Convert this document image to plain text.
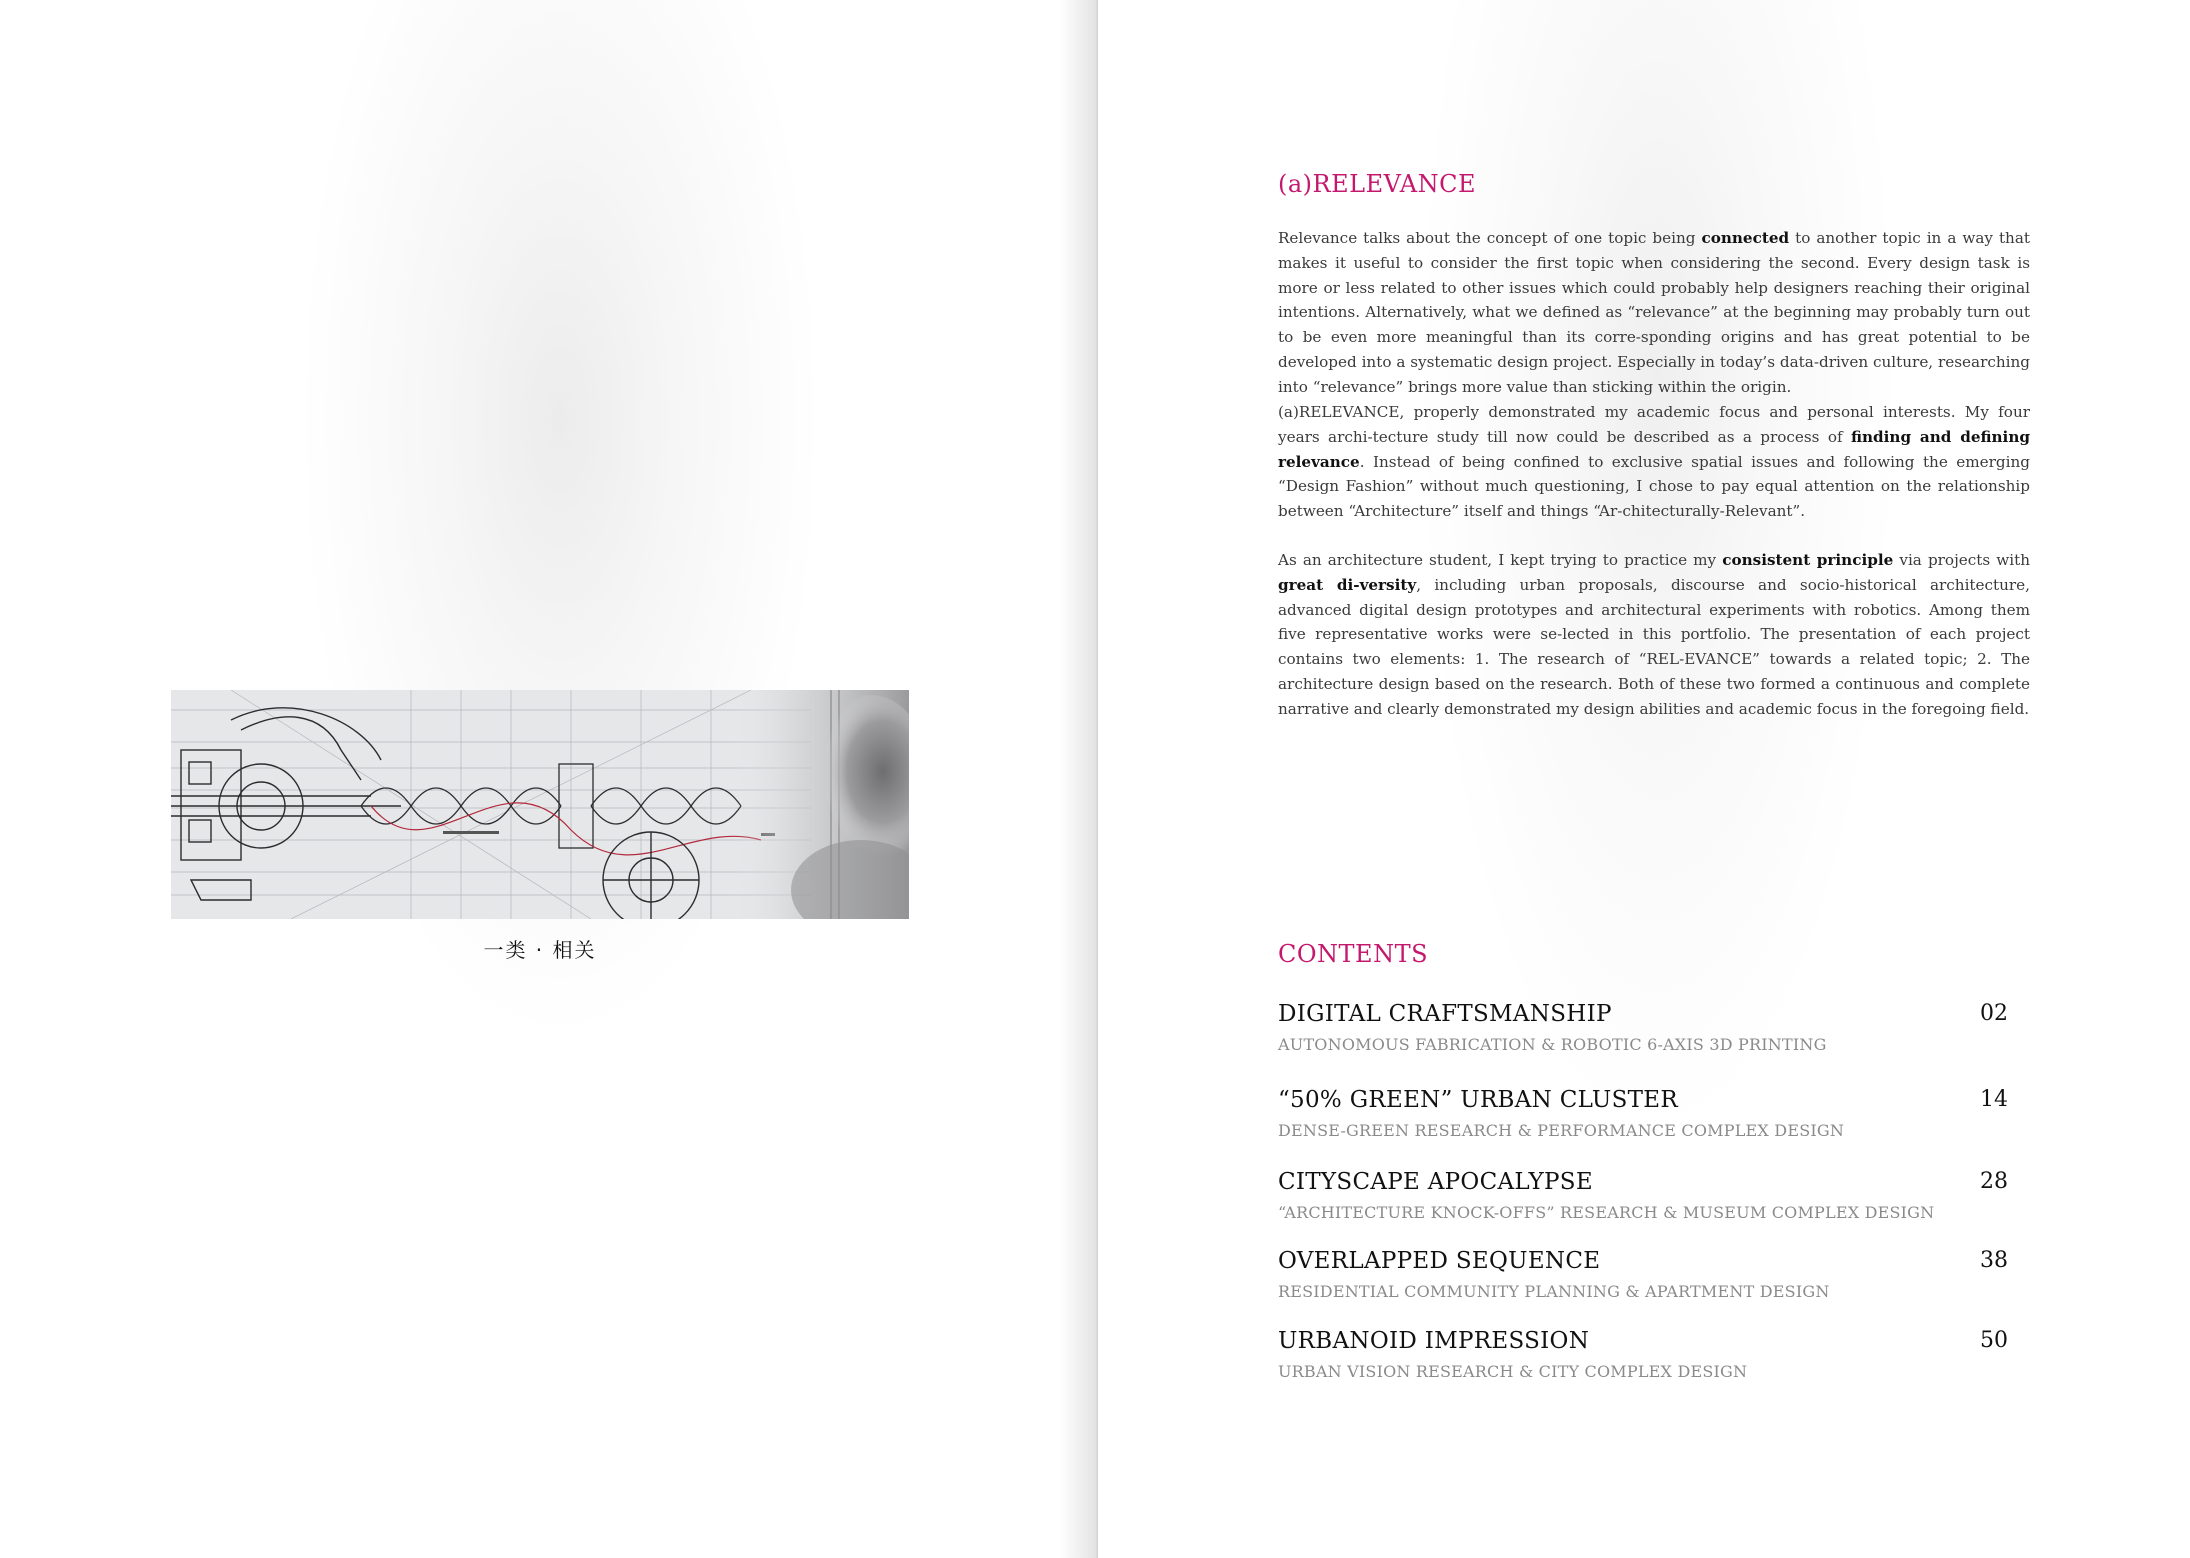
一类 · 相关
(a)RELEVANCE
Relevance talks about the concept of one topic being connected to another topic in a way that makes it useful to consider the first topic when considering the second. Every design task is more or less related to other issues which could probably help designers reaching their original intentions. Alternatively, what we defined as “relevance” at the beginning may probably turn out to be even more meaningful than its corre-sponding origins and has great potential to be developed into a systematic design project. Especially in today’s data-driven culture, researching into “relevance” brings more value than sticking within the origin.
(a)RELEVANCE, properly demonstrated my academic focus and personal interests. My four years archi-tecture study till now could be described as a process of finding and defining relevance. Instead of being confined to exclusive spatial issues and following the emerging “Design Fashion” without much questioning, I chose to pay equal attention on the relationship between “Architecture” itself and things “Ar-chitecturally-Relevant”.
As an architecture student, I kept trying to practice my consistent principle via projects with great di-versity, including urban proposals, discourse and socio-historical architecture, advanced digital design prototypes and architectural experiments with robotics. Among them five representative works were se-lected in this portfolio. The presentation of each project contains two elements: 1. The research of “REL-EVANCE” towards a related topic; 2. The architecture design based on the research. Both of these two formed a continuous and complete narrative and clearly demonstrated my design abilities and academic focus in the foregoing field.
CONTENTS
DIGITAL CRAFTSMANSHIP
AUTONOMOUS FABRICATION & ROBOTIC 6-AXIS 3D PRINTING
02
“50% GREEN” URBAN CLUSTER
DENSE-GREEN RESEARCH & PERFORMANCE COMPLEX DESIGN
14
CITYSCAPE APOCALYPSE
“ARCHITECTURE KNOCK-OFFS” RESEARCH & MUSEUM COMPLEX DESIGN
28
OVERLAPPED SEQUENCE
RESIDENTIAL COMMUNITY PLANNING & APARTMENT DESIGN
38
URBANOID IMPRESSION
URBAN VISION RESEARCH & CITY COMPLEX DESIGN
50
